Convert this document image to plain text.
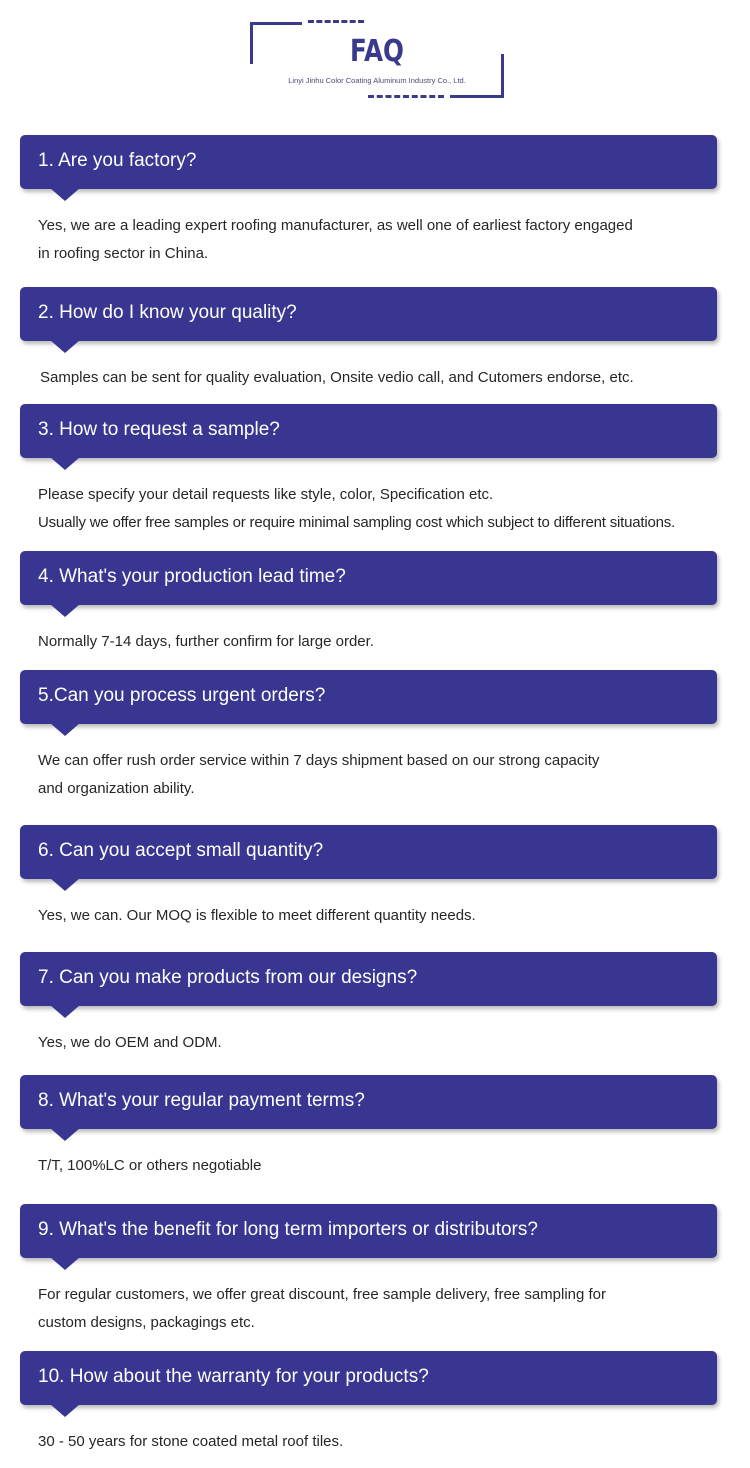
FAQ
Linyi Jinhu Color Coating Aluminum Industry Co., Ltd.
1. Are you factory?
Yes, we are a leading expert roofing manufacturer, as well one of earliest factory engaged
in roofing sector in China.
2. How do I know your quality?
Samples can be sent for quality evaluation, Onsite vedio call, and Cutomers endorse, etc.
3. How to request a sample?
Please specify your detail requests like style, color, Specification etc.
Usually we offer free samples or require minimal sampling cost which subject to different situations.
4. What's your production lead time?
Normally 7-14 days, further confirm for large order.
5.Can you process urgent orders?
We can offer rush order service within 7 days shipment based on our strong capacity
and organization ability.
6. Can you accept small quantity?
Yes, we can. Our MOQ is flexible to meet different quantity needs.
7. Can you make products from our designs?
Yes, we do OEM and ODM.
8. What's your regular payment terms?
T/T, 100%LC or others negotiable
9. What's the benefit for long term importers or distributors?
For regular customers, we offer great discount, free sample delivery, free sampling for
custom designs, packagings etc.
10. How about the warranty for your products?
30 - 50 years for stone coated metal roof tiles.
